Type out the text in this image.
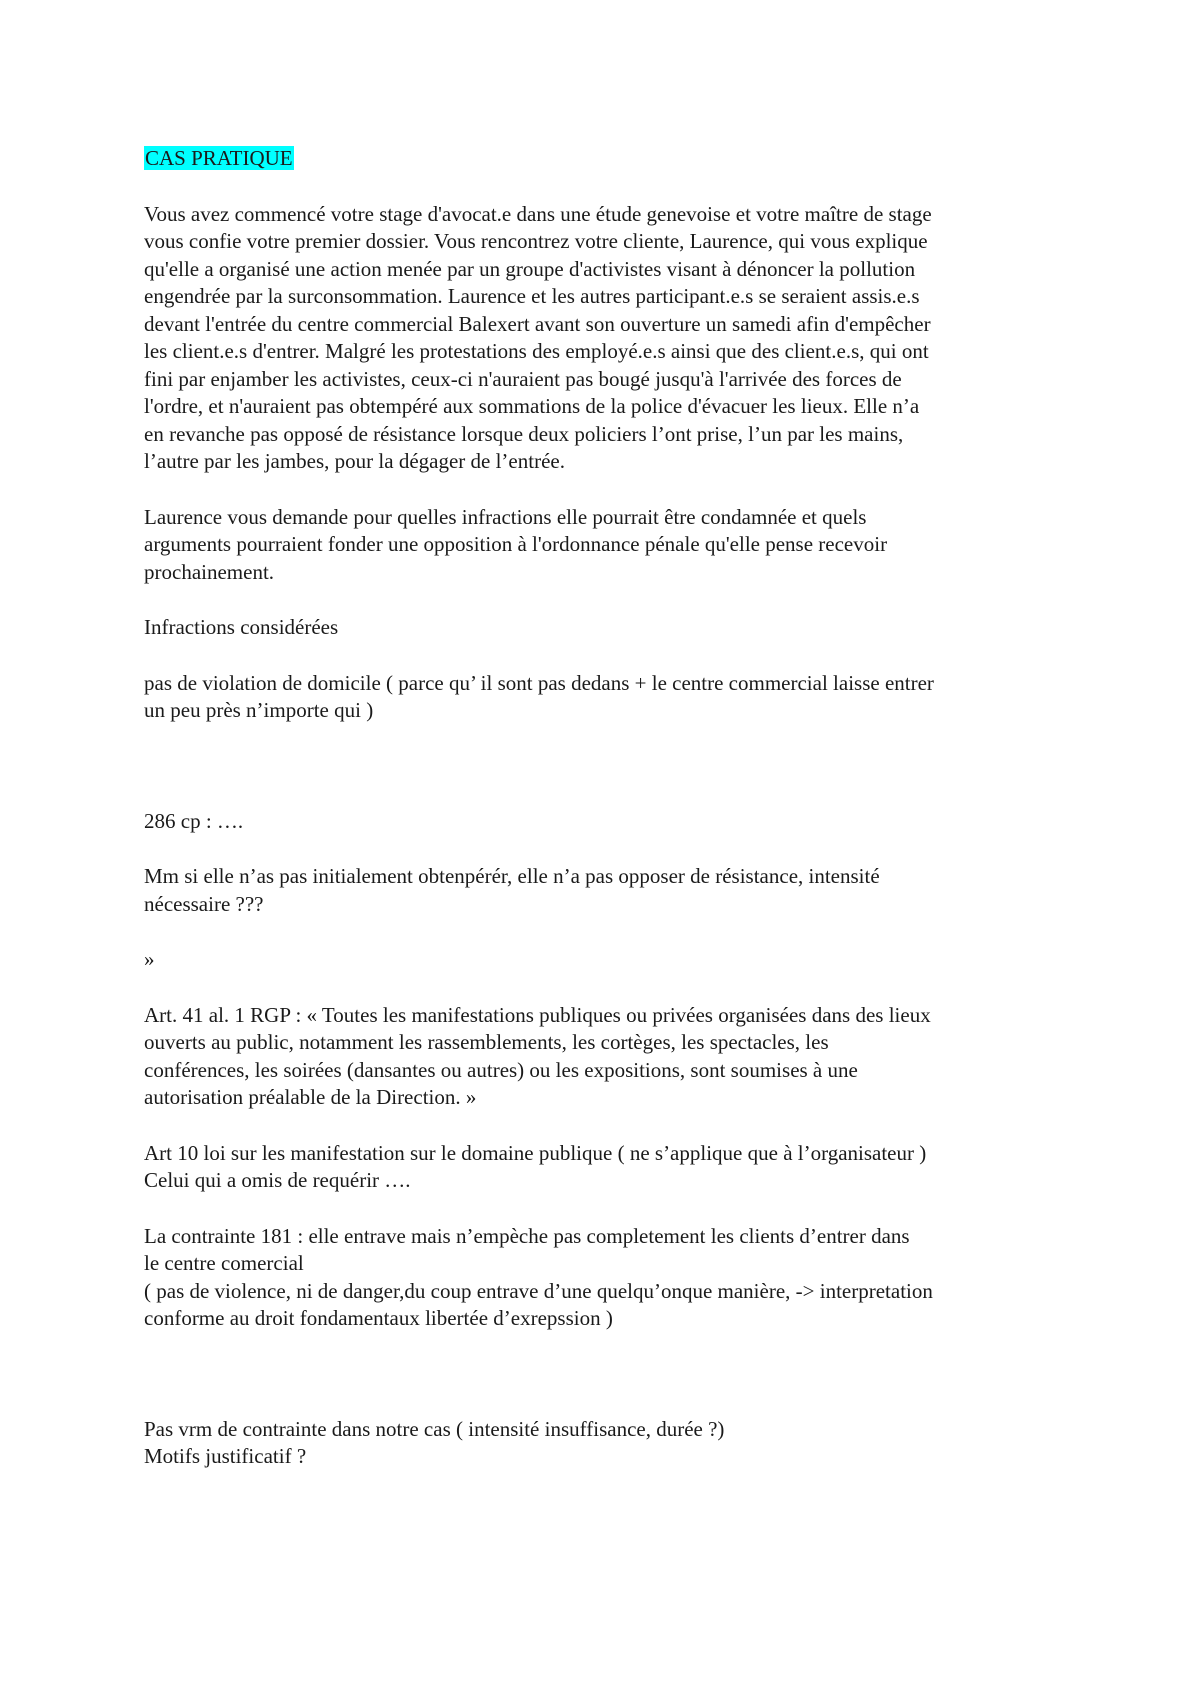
CAS PRATIQUE

Vous avez commencé votre stage d'avocat.e dans une étude genevoise et votre maître de stage
vous confie votre premier dossier. Vous rencontrez votre cliente, Laurence, qui vous explique
qu'elle a organisé une action menée par un groupe d'activistes visant à dénoncer la pollution
engendrée par la surconsommation. Laurence et les autres participant.e.s se seraient assis.e.s
devant l'entrée du centre commercial Balexert avant son ouverture un samedi afin d'empêcher
les client.e.s d'entrer. Malgré les protestations des employé.e.s ainsi que des client.e.s, qui ont
fini par enjamber les activistes, ceux-ci n'auraient pas bougé jusqu'à l'arrivée des forces de
l'ordre, et n'auraient pas obtempéré aux sommations de la police d'évacuer les lieux. Elle n’a
en revanche pas opposé de résistance lorsque deux policiers l’ont prise, l’un par les mains,
l’autre par les jambes, pour la dégager de l’entrée.

Laurence vous demande pour quelles infractions elle pourrait être condamnée et quels
arguments pourraient fonder une opposition à l'ordonnance pénale qu'elle pense recevoir
prochainement.

Infractions considérées

pas de violation de domicile ( parce qu’ il sont pas dedans + le centre commercial laisse entrer
un peu près n’importe qui )

286 cp : ….

Mm si elle n’as pas initialement obtenpérér, elle n’a pas opposer de résistance, intensité
nécessaire ???

»

Art. 41 al. 1 RGP : « Toutes les manifestations publiques ou privées organisées dans des lieux
ouverts au public, notamment les rassemblements, les cortèges, les spectacles, les
conférences, les soirées (dansantes ou autres) ou les expositions, sont soumises à une
autorisation préalable de la Direction. »

Art 10 loi sur les manifestation sur le domaine publique ( ne s’applique que à l’organisateur )
Celui qui a omis de requérir ….

La contrainte 181 : elle entrave mais n’empèche pas completement les clients d’entrer dans
le centre comercial
( pas de violence, ni de danger,du coup entrave d’une quelqu’onque manière, -> interpretation
conforme au droit fondamentaux libertée d’exrepssion )

Pas vrm de contrainte dans notre cas ( intensité insuffisance, durée ?)
Motifs justificatif ?
